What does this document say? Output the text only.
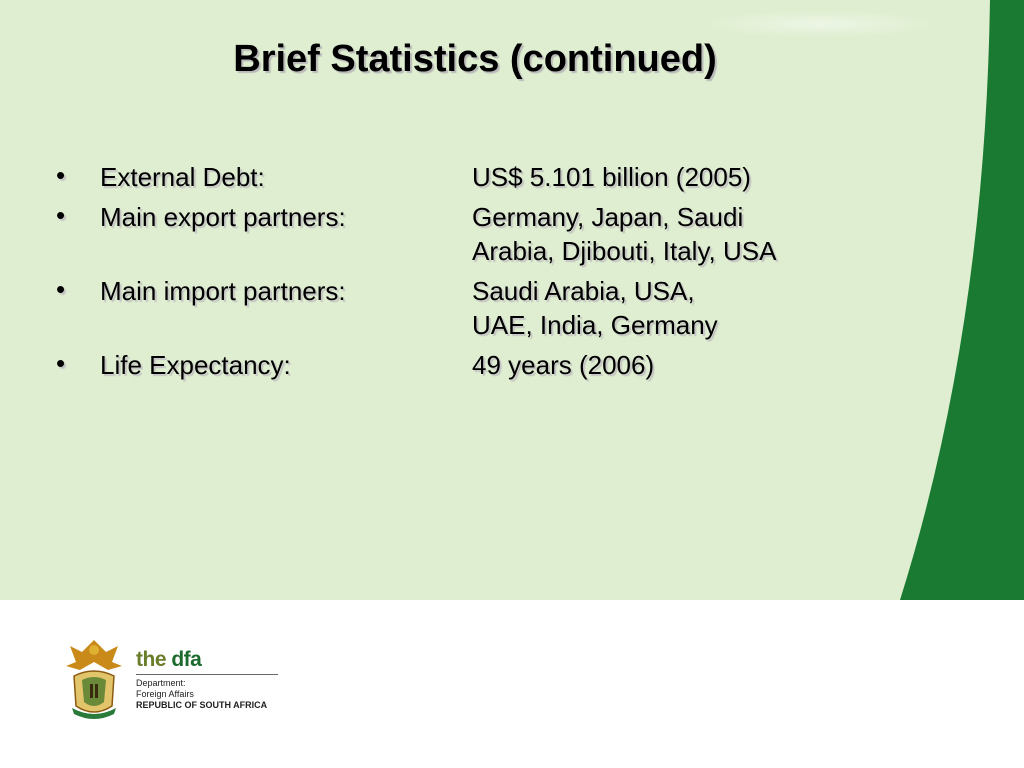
Brief Statistics (continued)
•	External Debt:	US$ 5.101 billion (2005)
•	Main export partners:	Germany, Japan, Saudi
Arabia, Djibouti, Italy, USA
•	Main import partners:	Saudi Arabia, USA,
UAE, India, Germany
•	Life Expectancy:	49 years (2006)
the dfa
Department:
Foreign Affairs
REPUBLIC OF SOUTH AFRICA
